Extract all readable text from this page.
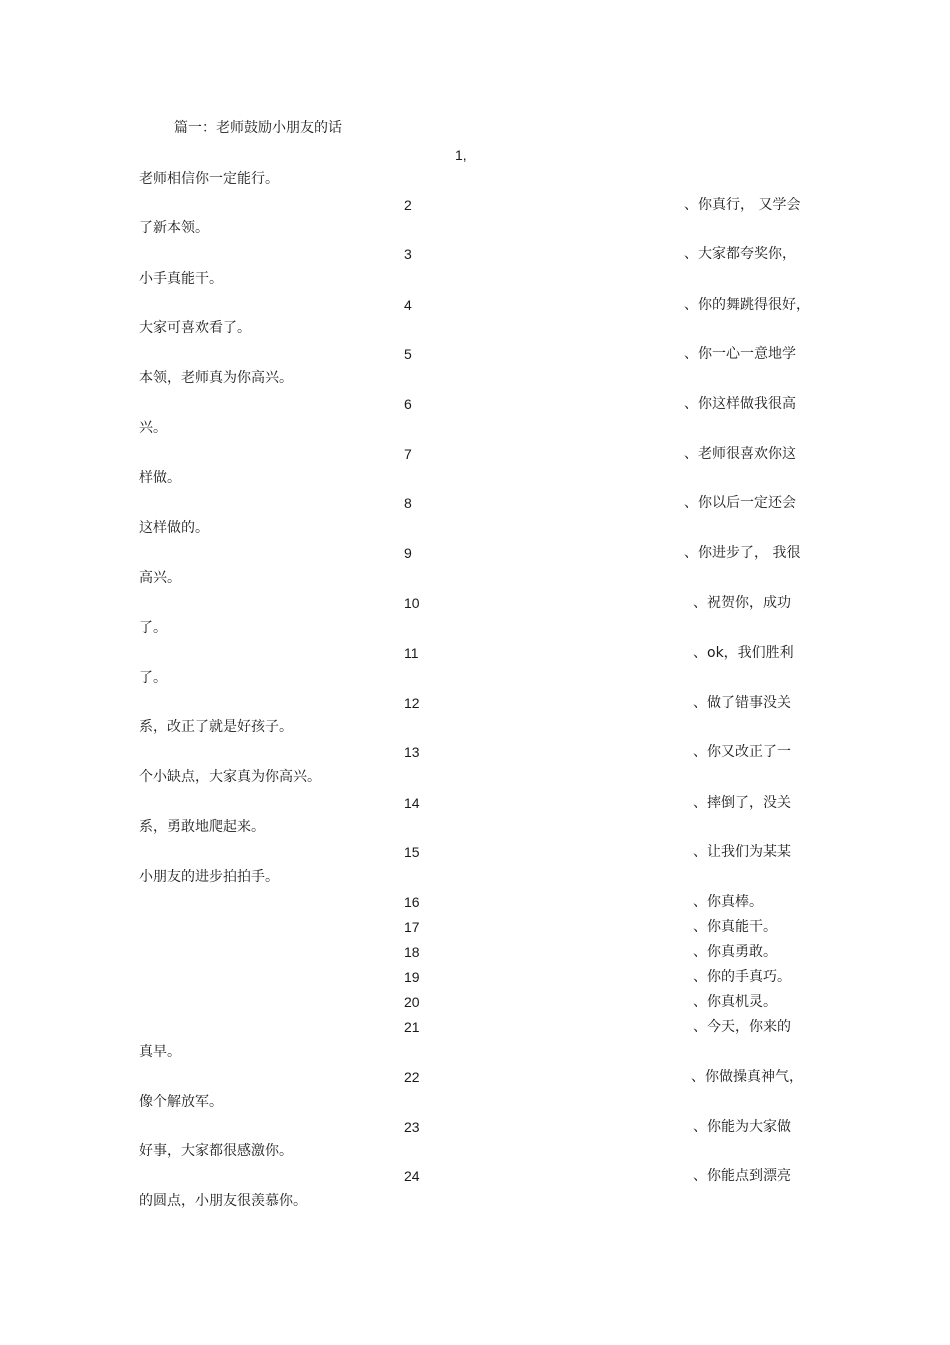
篇一：老师鼓励小朋友的话
1,
老师相信你一定能行。
2	、你真行， 又学会
了新本领。
3	、大家都夸奖你，
小手真能干。
4	、你的舞跳得很好，
大家可喜欢看了。
5	、你一心一意地学
本领，老师真为你高兴。
6	、你这样做我很高
兴。
7	、老师很喜欢你这
样做。
8	、你以后一定还会
这样做的。
9	、你进步了， 我很
高兴。
10	、祝贺你，成功
了。
11	、ok，我们胜利
了。
12	、做了错事没关
系，改正了就是好孩子。
13	、你又改正了一
个小缺点，大家真为你高兴。
14	、摔倒了，没关
系，勇敢地爬起来。
15	、让我们为某某
小朋友的进步拍拍手。
16	、你真棒。
17	、你真能干。
18	、你真勇敢。
19	、你的手真巧。
20	、你真机灵。
21	、今天，你来的
真早。
22	、你做操真神气，
像个解放军。
23	、你能为大家做
好事，大家都很感激你。
24	、你能点到漂亮
的圆点，小朋友很羡慕你。
